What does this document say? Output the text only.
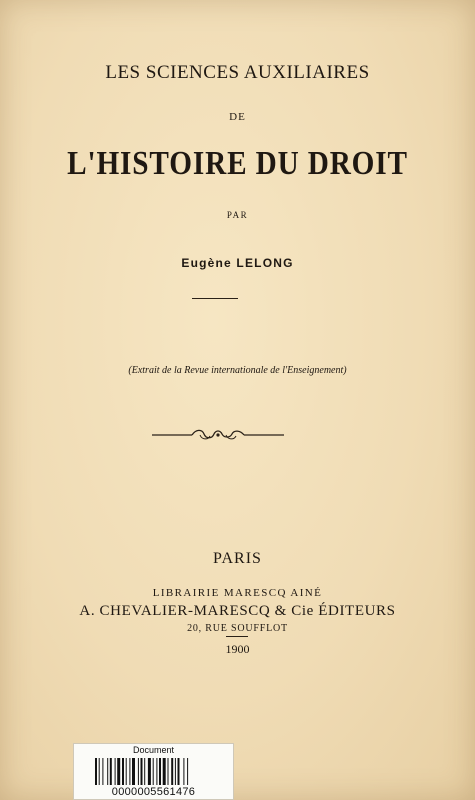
LES SCIENCES AUXILIAIRES
DE
L'HISTOIRE DU DROIT
PAR
Eugène LELONG
(Extrait de la Revue internationale de l'Enseignement)
PARIS
LIBRAIRIE MARESCQ AINÉ
A. CHEVALIER-MARESCQ & Cie ÉDITEURS
20, RUE SOUFFLOT
1900
Document
0000005561476
